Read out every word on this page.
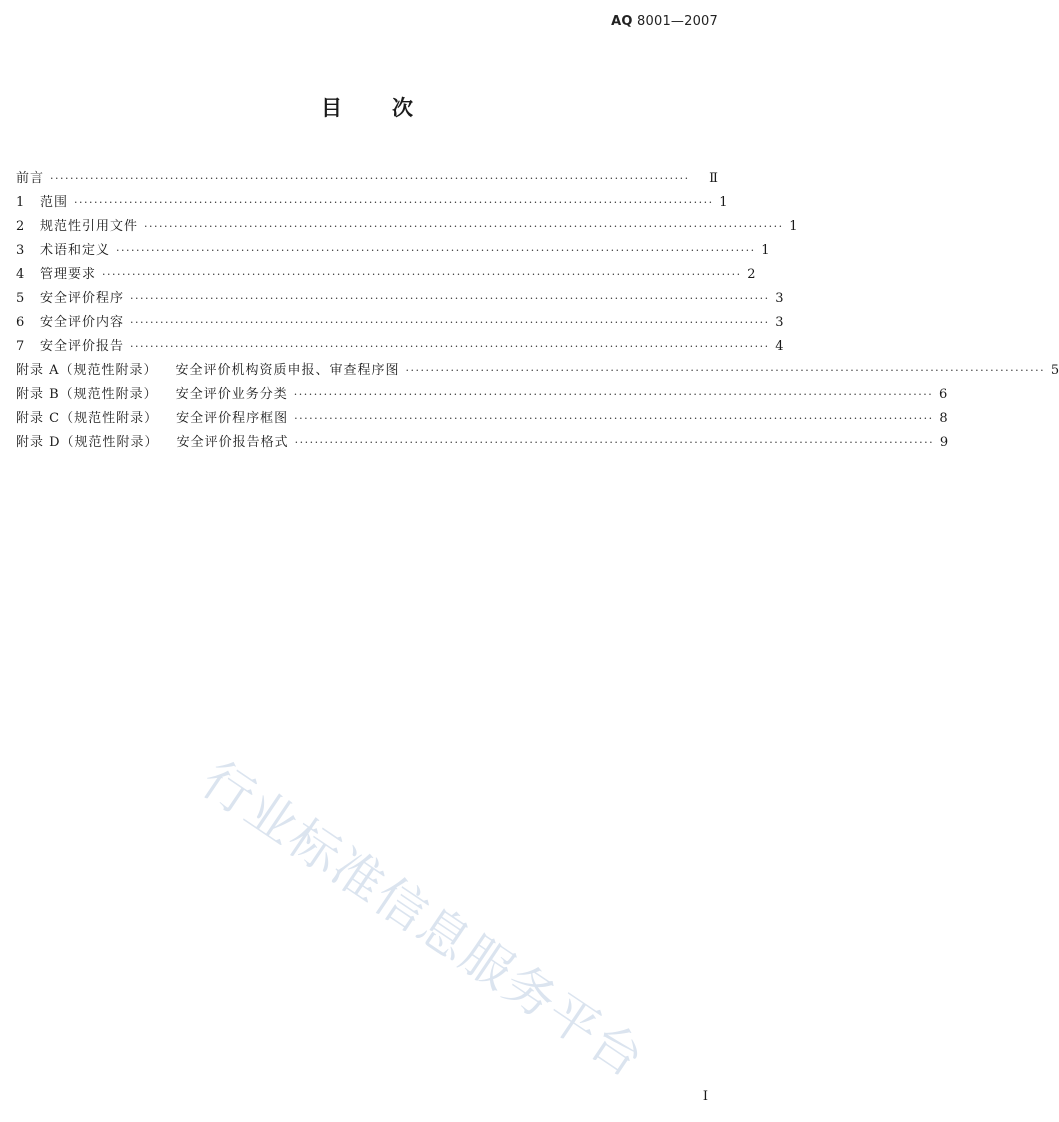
AQ 8001—2007
目 次
前言 ································································································································	Ⅱ
1	范围 ································································································································ 1
2	规范性引用文件 ································································································································ 1
3	术语和定义 ································································································································ 1
4	管理要求 ································································································································ 2
5	安全评价程序 ································································································································ 3
6	安全评价内容 ································································································································ 3
7	安全评价报告 ································································································································ 4
附录 A（规范性附录） 安全评价机构资质申报、审查程序图 ································································································································ 5
附录 B（规范性附录） 安全评价业务分类 ································································································································ 6
附录 C（规范性附录） 安全评价程序框图 ································································································································ 8
附录 D（规范性附录） 安全评价报告格式 ································································································································ 9
行业标准信息服务平台
I
